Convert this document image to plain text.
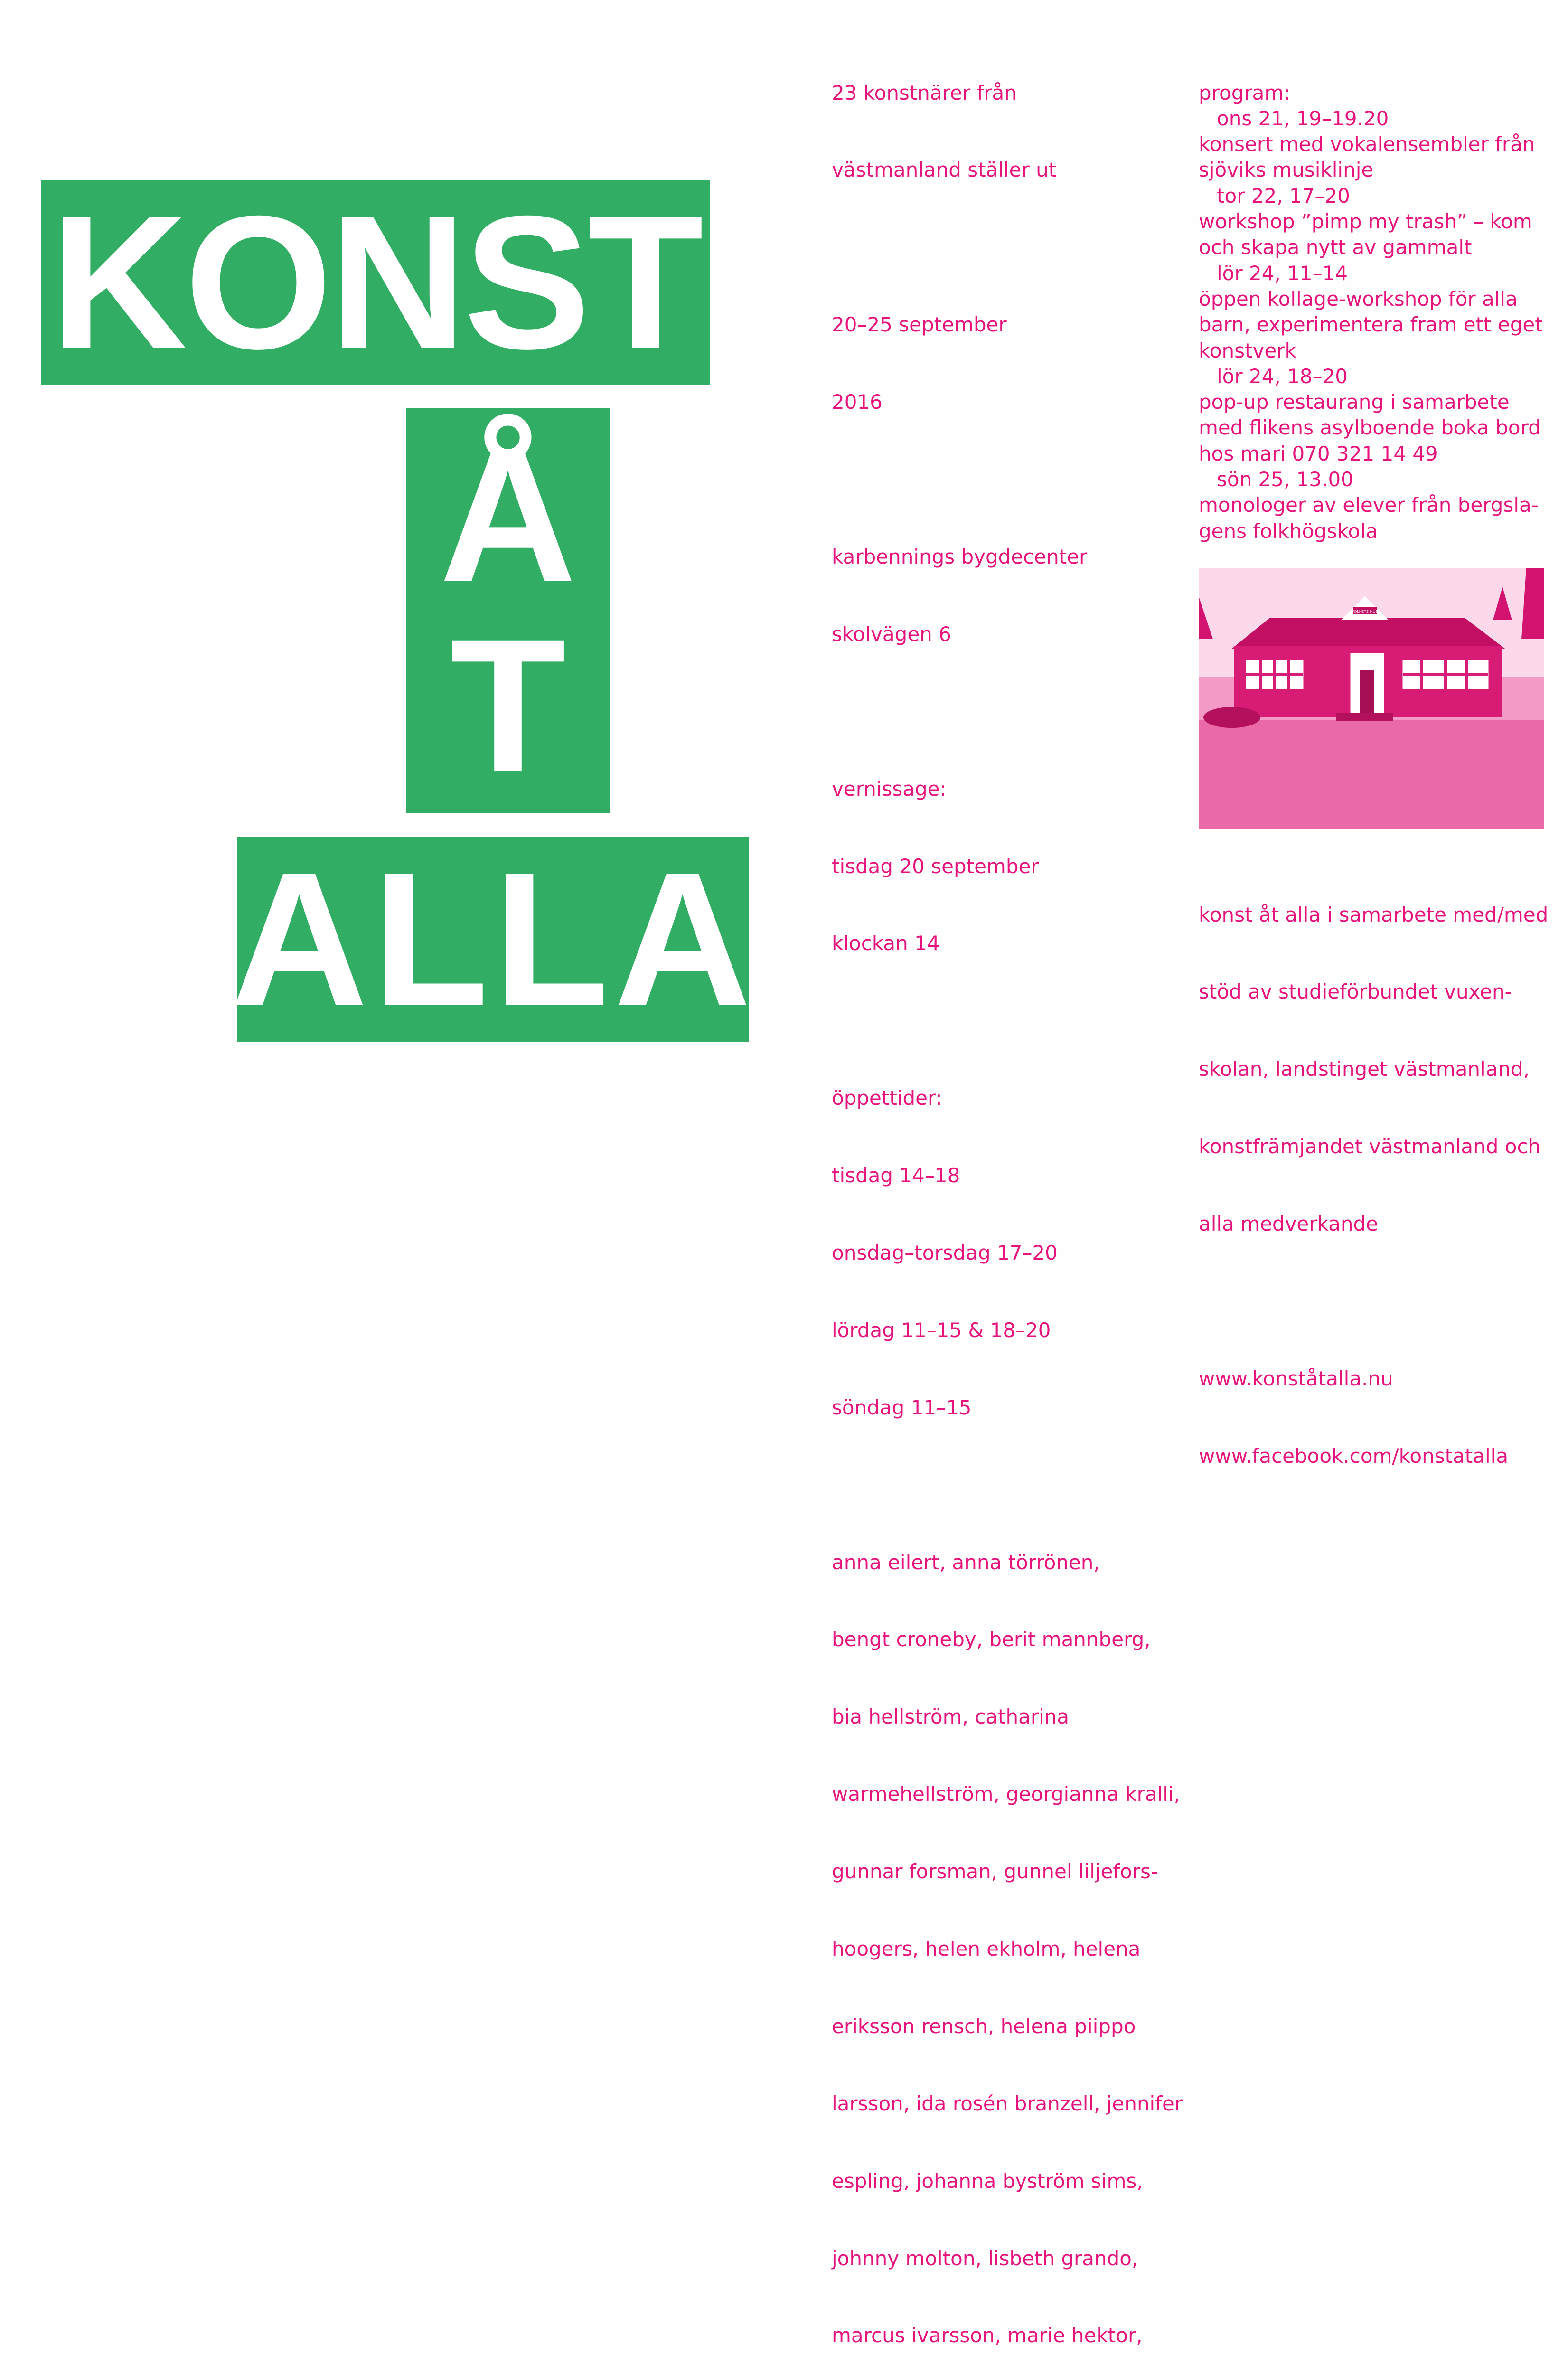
KONST
Å
T
ALLA

23 konstnärer från

västmanland ställer ut

20–25 september

2016

karbennings bygdecenter

skolvägen 6

vernissage:

tisdag 20 september

klockan 14

öppettider:

tisdag 14–18

onsdag–torsdag 17–20

lördag 11–15 & 18–20

söndag 11–15

anna eilert, anna törrönen,

bengt croneby, berit mannberg,

bia hellström, catharina

warmehellström, georgianna kralli,

gunnar forsman, gunnel liljefors-

hoogers, helen ekholm, helena

eriksson rensch, helena piippo

larsson, ida rosén branzell, jennifer

espling, johanna byström sims,

johnny molton, lisbeth grando,

marcus ivarsson, marie hektor,

program:
ons 21, 19–19.20
konsert med vokalensembler från
sjöviks musiklinje
tor 22, 17–20
workshop ”pimp my trash” – kom
och skapa nytt av gammalt
lör 24, 11–14
öppen kollage-workshop för alla
barn, experimentera fram ett eget
konstverk
lör 24, 18–20
pop-up restaurang i samarbete
med flikens asylboende boka bord
hos mari 070 321 14 49
sön 25, 13.00
monologer av elever från bergsla-
gens folkhögskola

FOLKETS HUS

konst åt alla i samarbete med/med

stöd av studieförbundet vuxen-

skolan, landstinget västmanland,

konstfrämjandet västmanland och

alla medverkande

www.konståtalla.nu

www.facebook.com/konstatalla
